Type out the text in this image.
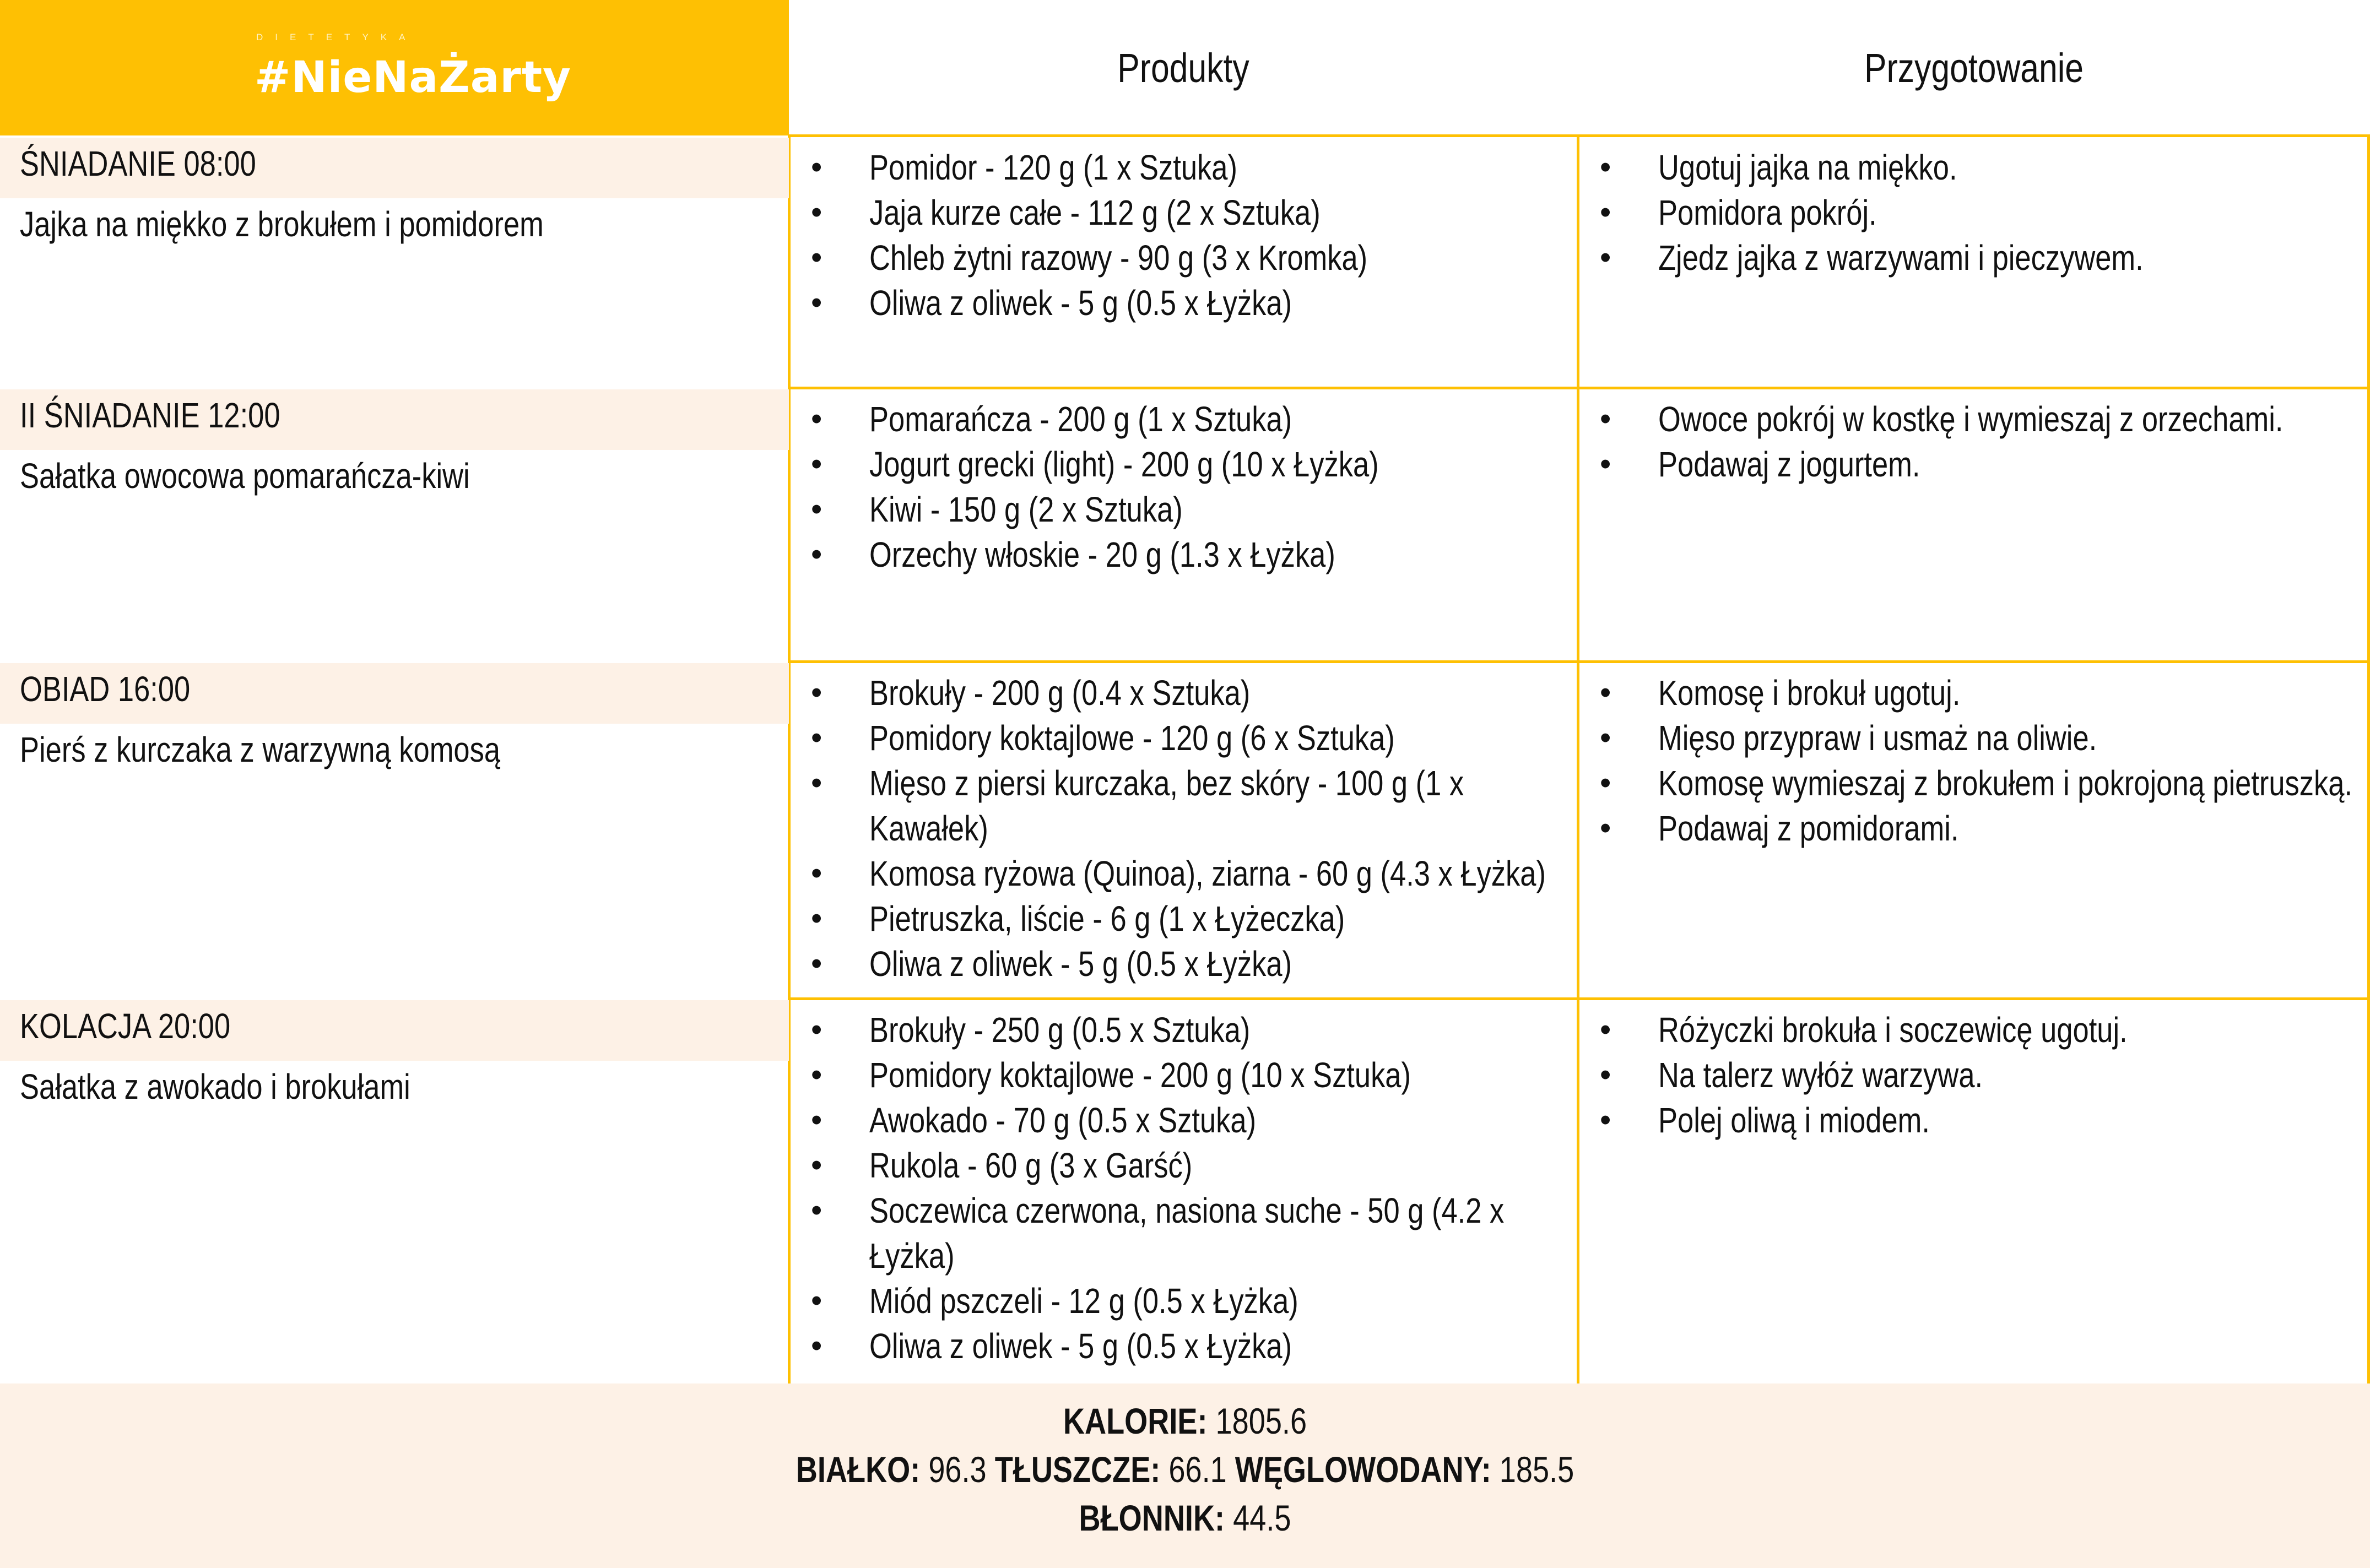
DIETETYKA
#NieNaŻarty	Produkty	Przygotowanie
ŚNIADANIE 08:00
Jajka na miękko z brokułem i pomidorem
• Pomidor - 120 g (1 x Sztuka)
• Jaja kurze całe - 112 g (2 x Sztuka)
• Chleb żytni razowy - 90 g (3 x Kromka)
• Oliwa z oliwek - 5 g (0.5 x Łyżka)
• Ugotuj jajka na miękko.
• Pomidora pokrój.
• Zjedz jajka z warzywami i pieczywem.
II ŚNIADANIE 12:00
Sałatka owocowa pomarańcza-kiwi
• Pomarańcza - 200 g (1 x Sztuka)
• Jogurt grecki (light) - 200 g (10 x Łyżka)
• Kiwi - 150 g (2 x Sztuka)
• Orzechy włoskie - 20 g (1.3 x Łyżka)
• Owoce pokrój w kostkę i wymieszaj z orzechami.
• Podawaj z jogurtem.
OBIAD 16:00
Pierś z kurczaka z warzywną komosą
• Brokuły - 200 g (0.4 x Sztuka)
• Pomidory koktajlowe - 120 g (6 x Sztuka)
• Mięso z piersi kurczaka, bez skóry - 100 g (1 x
Kawałek)
• Komosa ryżowa (Quinoa), ziarna - 60 g (4.3 x Łyżka)
• Pietruszka, liście - 6 g (1 x Łyżeczka)
• Oliwa z oliwek - 5 g (0.5 x Łyżka)
• Komosę i brokuł ugotuj.
• Mięso przypraw i usmaż na oliwie.
• Komosę wymieszaj z brokułem i pokrojoną pietruszką.
• Podawaj z pomidorami.
KOLACJA 20:00
Sałatka z awokado i brokułami
• Brokuły - 250 g (0.5 x Sztuka)
• Pomidory koktajlowe - 200 g (10 x Sztuka)
• Awokado - 70 g (0.5 x Sztuka)
• Rukola - 60 g (3 x Garść)
• Soczewica czerwona, nasiona suche - 50 g (4.2 x
Łyżka)
• Miód pszczeli - 12 g (0.5 x Łyżka)
• Oliwa z oliwek - 5 g (0.5 x Łyżka)
• Różyczki brokuła i soczewicę ugotuj.
• Na talerz wyłóż warzywa.
• Polej oliwą i miodem.
KALORIE: 1805.6
BIAŁKO: 96.3 TŁUSZCZE: 66.1 WĘGLOWODANY: 185.5
BŁONNIK: 44.5
